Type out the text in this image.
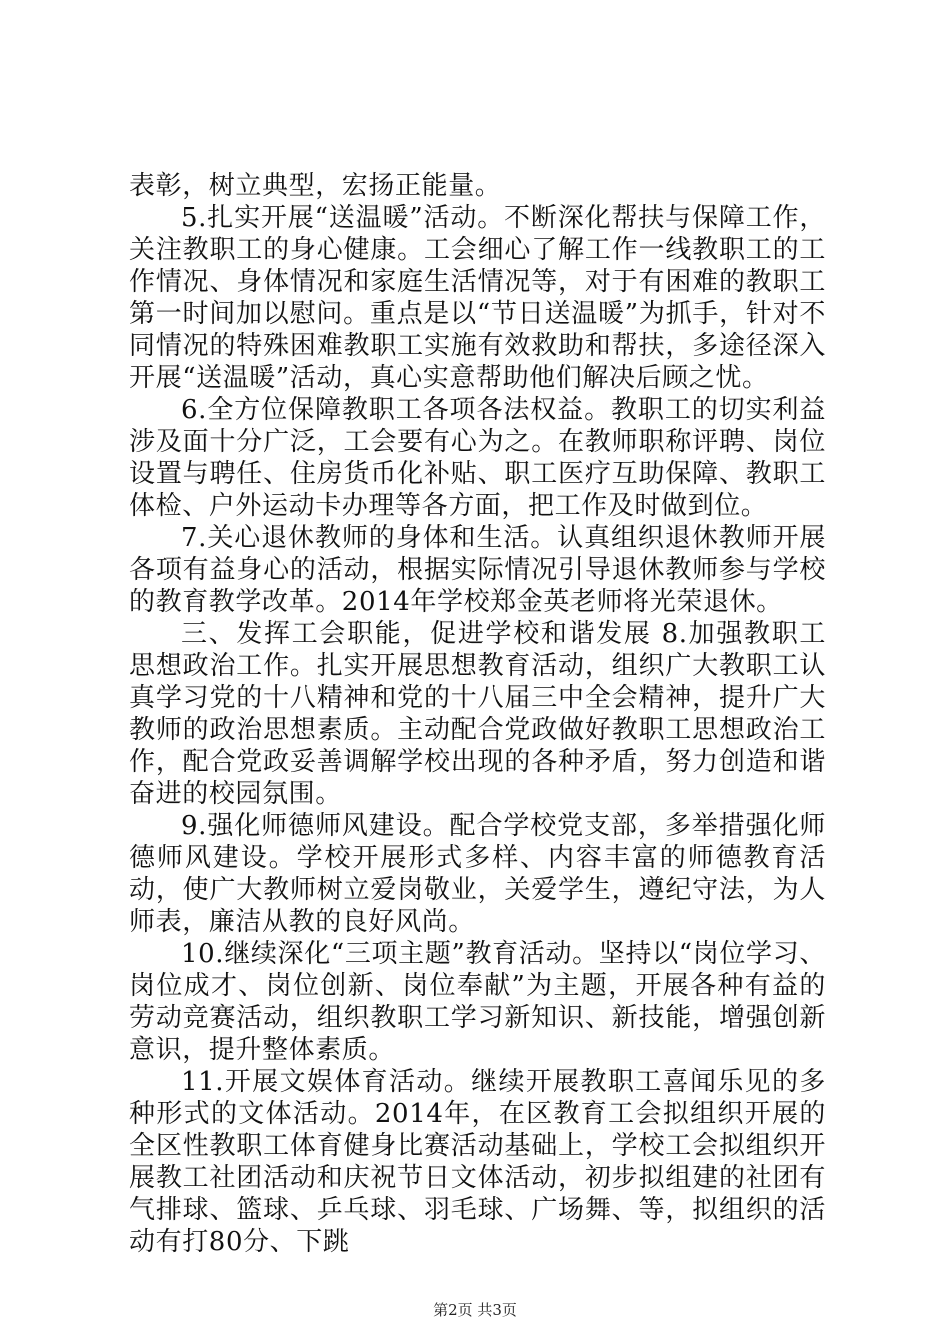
表彰，树立典型，宏扬正能量。

5.扎实开展“送温暖”活动。不断深化帮扶与保障工作，关注教职工的身心健康。工会细心了解工作一线教职工的工作情况、身体情况和家庭生活情况等，对于有困难的教职工第一时间加以慰问。重点是以“节日送温暖”为抓手，针对不同情况的特殊困难教职工实施有效救助和帮扶，多途径深入开展“送温暖”活动，真心实意帮助他们解决后顾之忧。

6.全方位保障教职工各项各法权益。教职工的切实利益涉及面十分广泛，工会要有心为之。在教师职称评聘、岗位设置与聘任、住房货币化补贴、职工医疗互助保障、教职工体检、户外运动卡办理等各方面，把工作及时做到位。

7.关心退休教师的身体和生活。认真组织退休教师开展各项有益身心的活动，根据实际情况引导退休教师参与学校的教育教学改革。2014年学校郑金英老师将光荣退休。

三、发挥工会职能，促进学校和谐发展 8.加强教职工思想政治工作。扎实开展思想教育活动，组织广大教职工认真学习党的十八精神和党的十八届三中全会精神，提升广大教师的政治思想素质。主动配合党政做好教职工思想政治工作，配合党政妥善调解学校出现的各种矛盾，努力创造和谐奋进的校园氛围。

9.强化师德师风建设。配合学校党支部，多举措强化师德师风建设。学校开展形式多样、内容丰富的师德教育活动，使广大教师树立爱岗敬业，关爱学生，遵纪守法，为人师表，廉洁从教的良好风尚。

10.继续深化“三项主题”教育活动。坚持以“岗位学习、岗位成才、岗位创新、岗位奉献”为主题，开展各种有益的劳动竞赛活动，组织教职工学习新知识、新技能，增强创新意识，提升整体素质。

11.开展文娱体育活动。继续开展教职工喜闻乐见的多种形式的文体活动。2014年，在区教育工会拟组织开展的全区性教职工体育健身比赛活动基础上，学校工会拟组织开展教工社团活动和庆祝节日文体活动，初步拟组建的社团有气排球、篮球、乒乓球、羽毛球、广场舞、等，拟组织的活动有打80分、下跳

第2页 共3页
